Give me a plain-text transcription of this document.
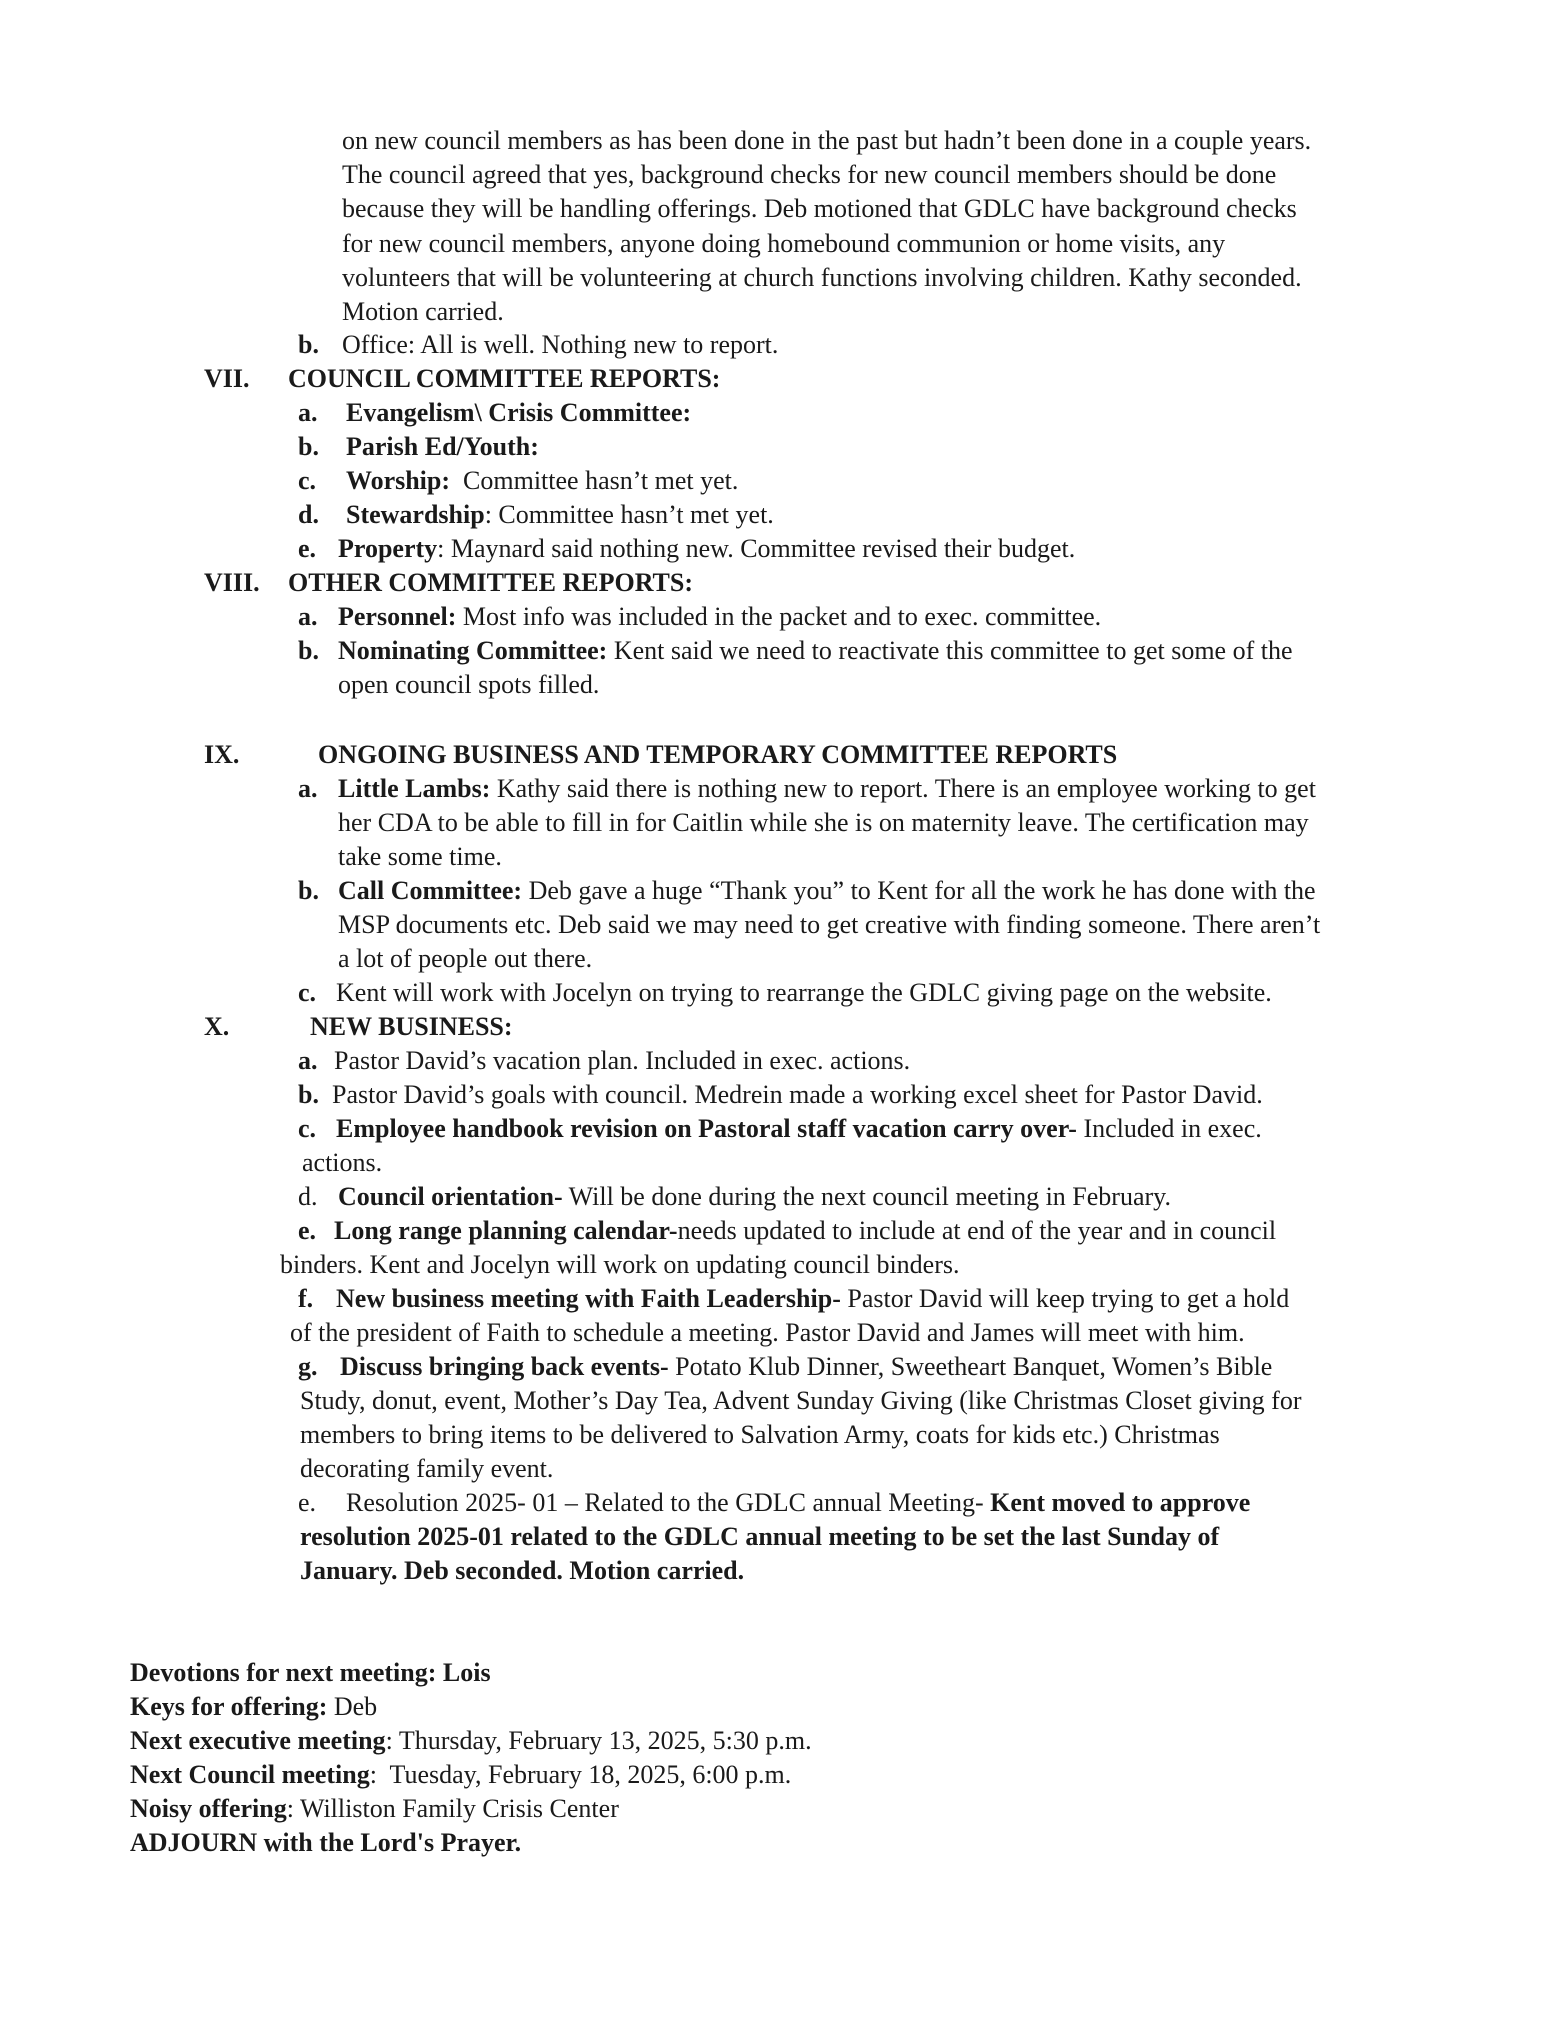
on new council members as has been done in the past but hadn’t been done in a couple years.
The council agreed that yes, background checks for new council members should be done
because they will be handling offerings. Deb motioned that GDLC have background checks
for new council members, anyone doing homebound communion or home visits, any
volunteers that will be volunteering at church functions involving children. Kathy seconded.
Motion carried.
b. Office: All is well. Nothing new to report.
VII. COUNCIL COMMITTEE REPORTS:
a. Evangelism\ Crisis Committee:
b. Parish Ed/Youth:
c. Worship:  Committee hasn’t met yet.
d. Stewardship: Committee hasn’t met yet.
e. Property: Maynard said nothing new. Committee revised their budget.
VIII. OTHER COMMITTEE REPORTS:
a. Personnel: Most info was included in the packet and to exec. committee.
b. Nominating Committee: Kent said we need to reactivate this committee to get some of the
open council spots filled.
IX.	ONGOING BUSINESS AND TEMPORARY COMMITTEE REPORTS
a. Little Lambs: Kathy said there is nothing new to report. There is an employee working to get
her CDA to be able to fill in for Caitlin while she is on maternity leave. The certification may
take some time.
b. Call Committee: Deb gave a huge “Thank you” to Kent for all the work he has done with the
MSP documents etc. Deb said we may need to get creative with finding someone. There aren’t
a lot of people out there.
c. Kent will work with Jocelyn on trying to rearrange the GDLC giving page on the website.
X.	NEW BUSINESS:
a. Pastor David’s vacation plan. Included in exec. actions.
b. Pastor David’s goals with council. Medrein made a working excel sheet for Pastor David.
c. Employee handbook revision on Pastoral staff vacation carry over- Included in exec.
actions.
d. Council orientation- Will be done during the next council meeting in February.
e. Long range planning calendar-needs updated to include at end of the year and in council
binders. Kent and Jocelyn will work on updating council binders.
f. New business meeting with Faith Leadership- Pastor David will keep trying to get a hold
of the president of Faith to schedule a meeting. Pastor David and James will meet with him.
g. Discuss bringing back events- Potato Klub Dinner, Sweetheart Banquet, Women’s Bible
Study, donut, event, Mother’s Day Tea, Advent Sunday Giving (like Christmas Closet giving for
members to bring items to be delivered to Salvation Army, coats for kids etc.) Christmas
decorating family event.
e. Resolution 2025- 01 – Related to the GDLC annual Meeting- Kent moved to approve
resolution 2025-01 related to the GDLC annual meeting to be set the last Sunday of
January. Deb seconded. Motion carried.
Devotions for next meeting: Lois
Keys for offering: Deb
Next executive meeting: Thursday, February 13, 2025, 5:30 p.m.
Next Council meeting:  Tuesday, February 18, 2025, 6:00 p.m.
Noisy offering: Williston Family Crisis Center
ADJOURN with the Lord's Prayer.
